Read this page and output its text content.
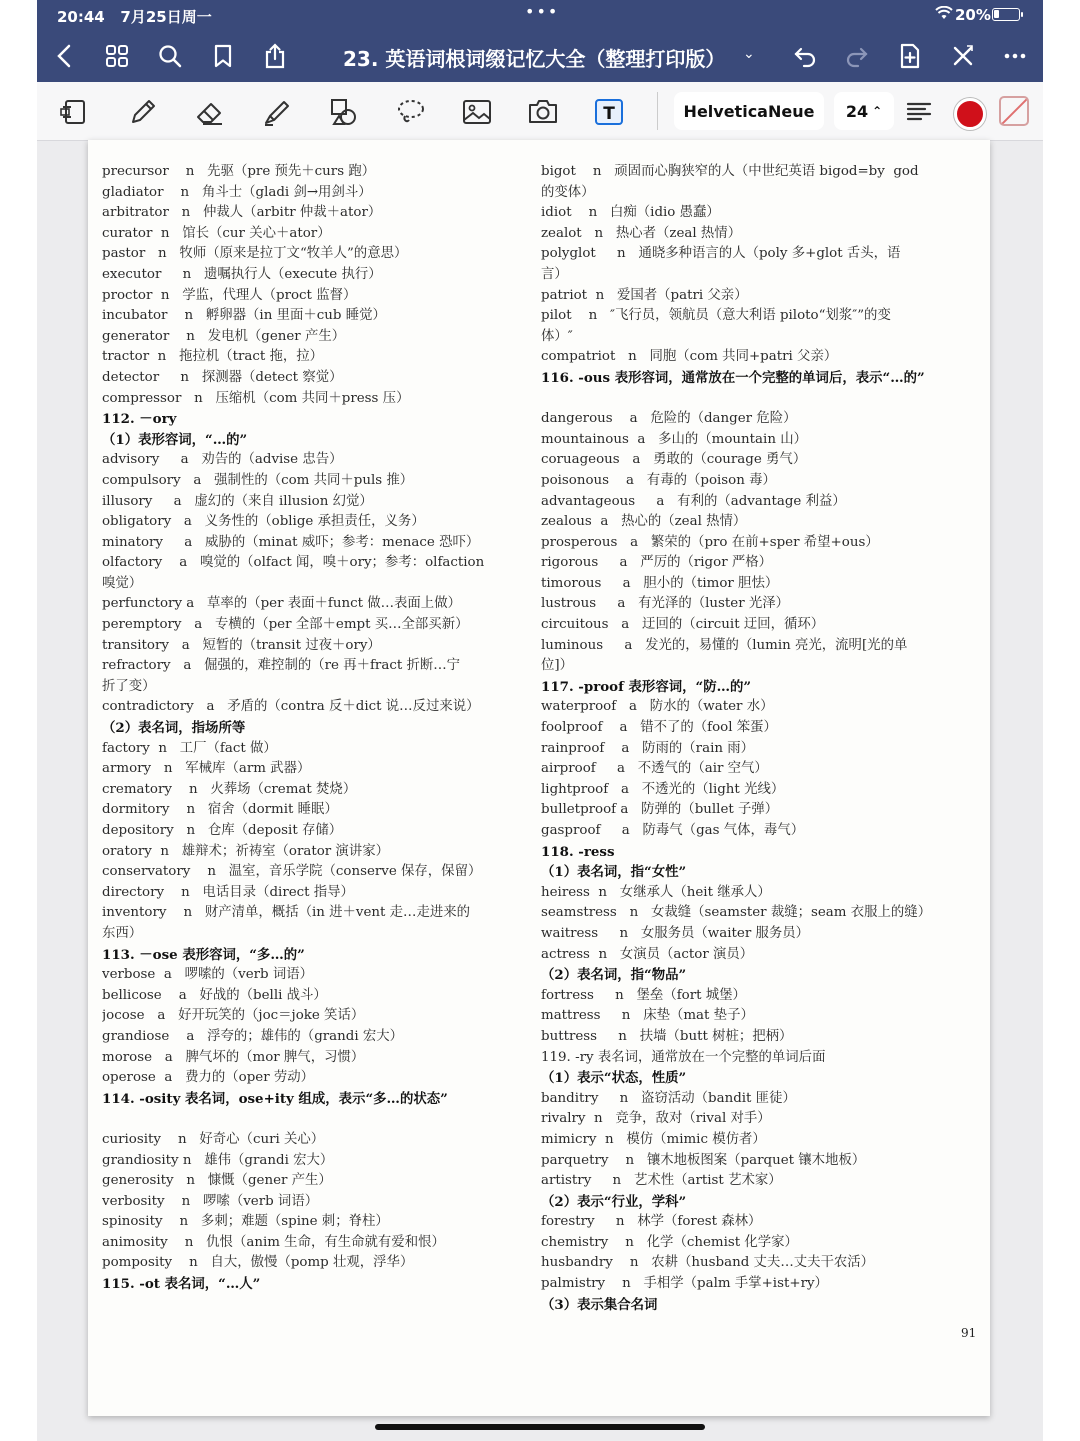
20:44 7月25日周一	•••	20%
23. 英语词根词缀记忆大全（整理打印版） ⌄
T	HelveticaNeue	24 ⌃
precursor    n   先驱（pre 预先＋curs 跑）
gladiator    n   角斗士（gladi 剑→用剑斗）
arbitrator   n   仲裁人（arbitr 仲裁＋ator）
curator  n   馆长（cur 关心＋ator）
pastor   n   牧师（原来是拉丁文“牧羊人”的意思）
executor     n   遗嘱执行人（execute 执行）
proctor  n   学监，代理人（proct 监督）
incubator    n   孵卵器（in 里面＋cub 睡觉）
generator    n   发电机（gener 产生）
tractor  n   拖拉机（tract 拖，拉）
detector     n   探测器（detect 察觉）
compressor   n   压缩机（com 共同＋press 压）
112. －ory
（1）表形容词，“…的”
advisory     a   劝告的（advise 忠告）
compulsory   a   强制性的（com 共同＋puls 推）
illusory     a   虚幻的（来自 illusion 幻觉）
obligatory   a   义务性的（oblige 承担责任，义务）
minatory     a   威胁的（minat 威吓；参考：menace 恐吓）
olfactory    a   嗅觉的（olfact 闻，嗅＋ory；参考：olfaction
嗅觉）
perfunctory a   草率的（per 表面＋funct 做…表面上做）
peremptory   a   专横的（per 全部＋empt 买…全部买新）
transitory   a   短暂的（transit 过夜＋ory）
refractory   a   倔强的，难控制的（re 再＋fract 折断…宁
折了变）
contradictory   a   矛盾的（contra 反＋dict 说…反过来说）
（2）表名词，指场所等
factory  n   工厂（fact 做）
armory   n   军械库（arm 武器）
crematory    n   火葬场（cremat 焚烧）
dormitory    n   宿舍（dormit 睡眠）
depository   n   仓库（deposit 存储）
oratory  n   雄辩术；祈祷室（orator 演讲家）
conservatory    n   温室，音乐学院（conserve 保存，保留）
directory    n   电话目录（direct 指导）
inventory    n   财产清单，概括（in 进＋vent 走…走进来的
东西）
113. －ose 表形容词，“多…的”
verbose  a   啰嗦的（verb 词语）
bellicose    a   好战的（belli 战斗）
jocose   a   好开玩笑的（joc＝joke 笑话）
grandiose    a   浮夸的；雄伟的（grandi 宏大）
morose   a   脾气坏的（mor 脾气，习惯）
operose  a   费力的（oper 劳动）
114. -osity 表名词，ose+ity 组成，表示“多…的状态”
curiosity    n   好奇心（curi 关心）
grandiosity n   雄伟（grandi 宏大）
generosity   n   慷慨（gener 产生）
verbosity    n   啰嗦（verb 词语）
spinosity    n   多刺；难题（spine 刺；脊柱）
animosity    n   仇恨（anim 生命，有生命就有爱和恨）
pomposity    n   自大，傲慢（pomp 壮观，浮华）
115. -ot 表名词，“…人”
bigot    n   顽固而心胸狭窄的人（中世纪英语 bigod=by  god
的变体）
idiot    n   白痴（idio 愚蠢）
zealot   n   热心者（zeal 热情）
polyglot     n   通晓多种语言的人（poly 多+glot 舌头，语
言）
patriot  n   爱国者（patri 父亲）
pilot    n   ″飞行员，领航员（意大利语 piloto“划浆″”的变
体）″
compatriot   n   同胞（com 共同+patri 父亲）
116. -ous 表形容词，通常放在一个完整的单词后，表示“…的”
dangerous    a   危险的（danger 危险）
mountainous  a   多山的（mountain 山）
coruageous   a   勇敢的（courage 勇气）
poisonous    a   有毒的（poison 毒）
advantageous     a   有利的（advantage 利益）
zealous  a   热心的（zeal 热情）
prosperous   a   繁荣的（pro 在前+sper 希望+ous）
rigorous     a   严厉的（rigor 严格）
timorous     a   胆小的（timor 胆怯）
lustrous     a   有光泽的（luster 光泽）
circuitous   a   迂回的（circuit 迂回，循环）
luminous     a   发光的，易懂的（lumin 亮光，流明[光的单
位]）
117. -proof 表形容词，“防…的”
waterproof   a   防水的（water 水）
foolproof    a   错不了的（fool 笨蛋）
rainproof    a   防雨的（rain 雨）
airproof     a   不透气的（air 空气）
lightproof   a   不透光的（light 光线）
bulletproof a   防弹的（bullet 子弹）
gasproof     a   防毒气（gas 气体，毒气）
118. -ress
（1）表名词，指“女性”
heiress  n   女继承人（heit 继承人）
seamstress   n   女裁缝（seamster 裁缝；seam 衣服上的缝）
waitress     n   女服务员（waiter 服务员）
actress  n   女演员（actor 演员）
（2）表名词，指“物品”
fortress     n   堡垒（fort 城堡）
mattress     n   床垫（mat 垫子）
buttress     n   扶墙（butt 树桩；把柄）
119. -ry 表名词，通常放在一个完整的单词后面
（1）表示“状态，性质”
banditry     n   盗窃活动（bandit 匪徒）
rivalry  n   竞争，敌对（rival 对手）
mimicry  n   模仿（mimic 模仿者）
parquetry    n   镶木地板图案（parquet 镶木地板）
artistry     n   艺术性（artist 艺术家）
（2）表示“行业，学科”
forestry     n   林学（forest 森林）
chemistry    n   化学（chemist 化学家）
husbandry    n   农耕（husband 丈夫…丈夫干农活）
palmistry    n   手相学（palm 手掌+ist+ry）
（3）表示集合名词
91
